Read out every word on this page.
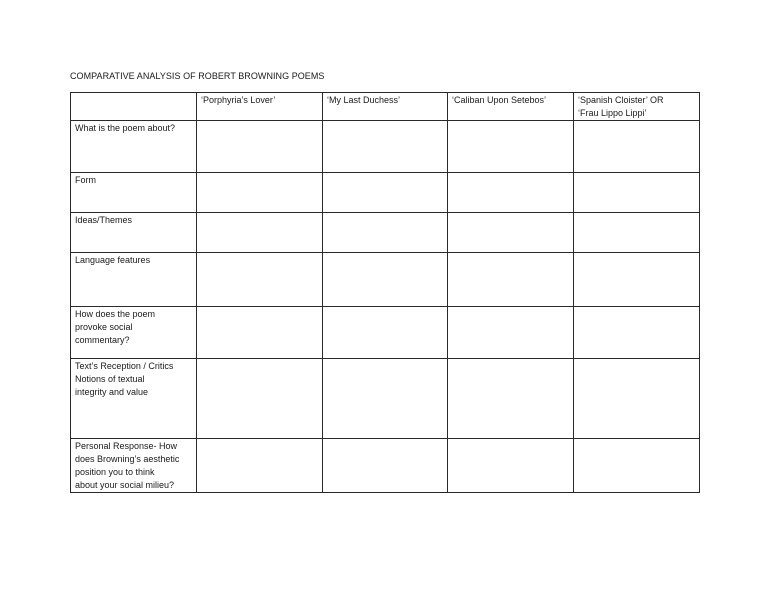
COMPARATIVE ANALYSIS OF ROBERT BROWNING POEMS

	‘Porphyria’s Lover’	‘My Last Duchess’	‘Caliban Upon Setebos’	‘Spanish Cloister’ OR
‘Frau Lippo Lippi’

What is the poem about?				

Form				

Ideas/Themes				

Language features				

How does the poem
provoke social
commentary?				

Text’s Reception / Critics
Notions of textual
integrity and value				

Personal Response- How
does Browning’s aesthetic
position you to think
about your social milieu?				
